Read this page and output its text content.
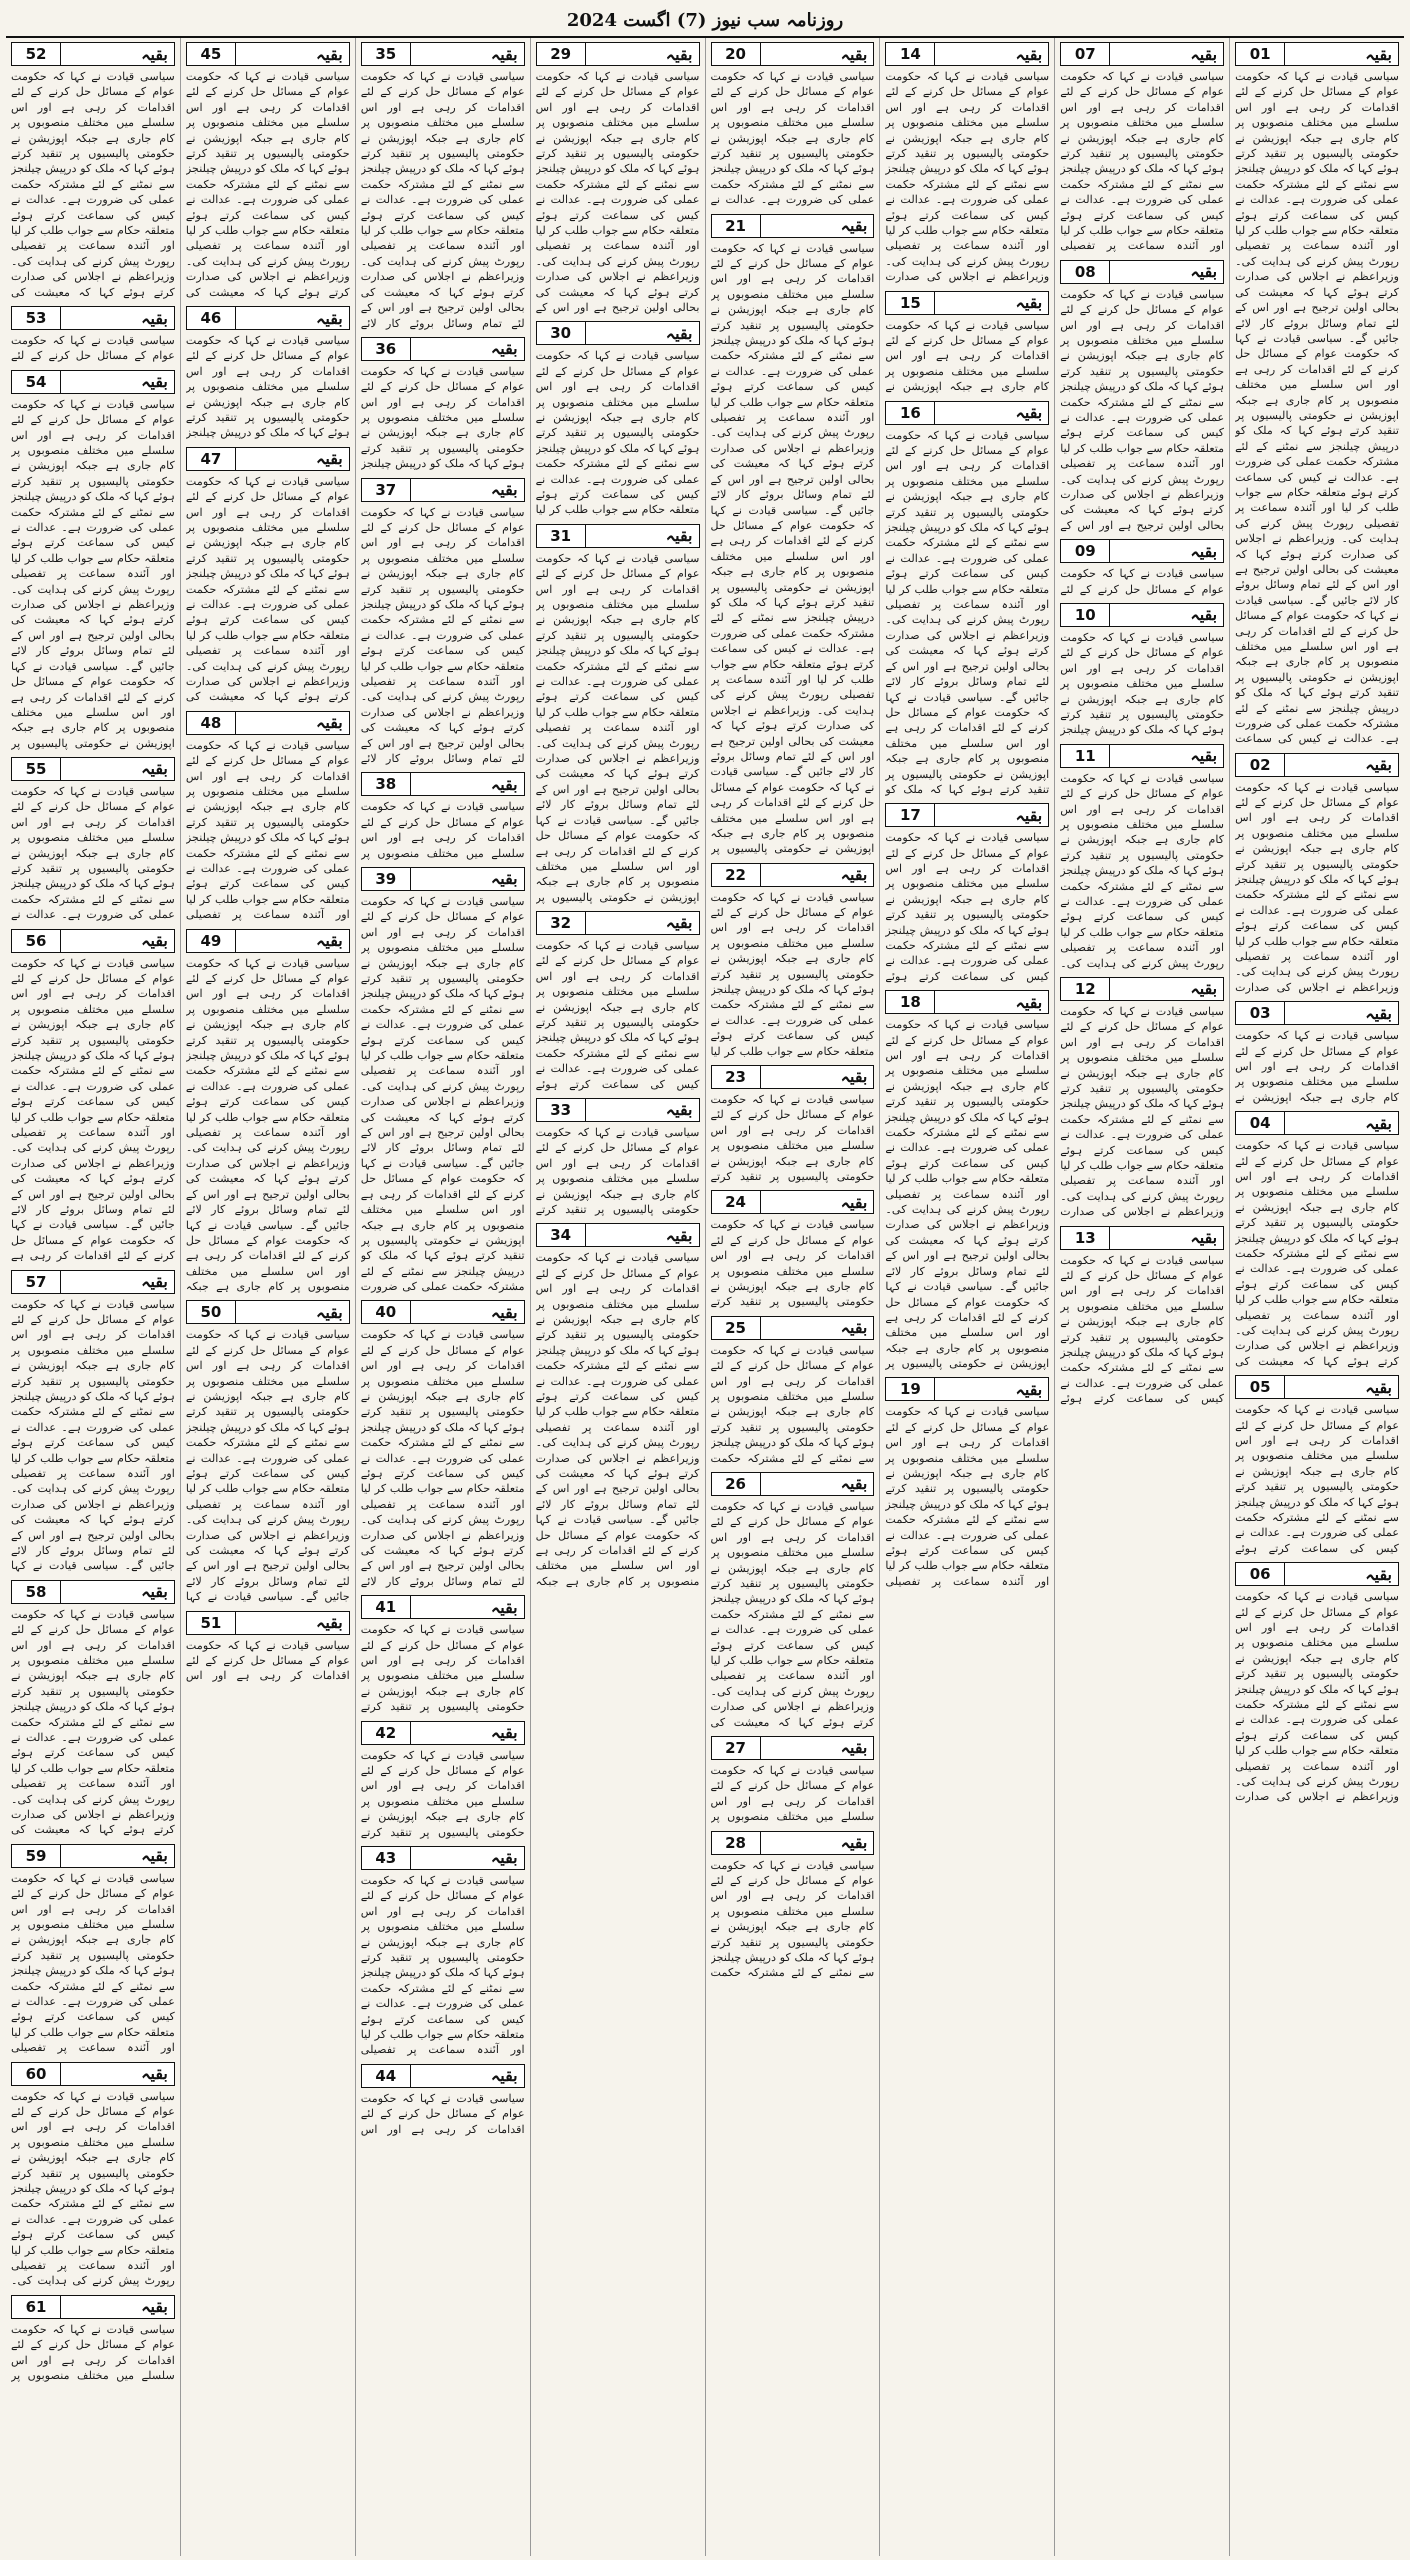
روزنامہ سب نیوز (7) اگست 2024
01	بقیہ
سیاسی قیادت نے کہا کہ حکومت عوام کے مسائل حل کرنے کے لئے اقدامات کر رہی ہے اور اس سلسلے میں مختلف منصوبوں پر کام جاری ہے جبکہ اپوزیشن نے حکومتی پالیسیوں پر تنقید کرتے ہوئے کہا کہ ملک کو درپیش چیلنجز سے نمٹنے کے لئے مشترکہ حکمت عملی کی ضرورت ہے۔ عدالت نے کیس کی سماعت کرتے ہوئے متعلقہ حکام سے جواب طلب کر لیا اور آئندہ سماعت پر تفصیلی رپورٹ پیش کرنے کی ہدایت کی۔ وزیراعظم نے اجلاس کی صدارت کرتے ہوئے کہا کہ معیشت کی بحالی اولین ترجیح ہے اور اس کے لئے تمام وسائل بروئے کار لائے جائیں گے۔ سیاسی قیادت نے کہا کہ حکومت عوام کے مسائل حل کرنے کے لئے اقدامات کر رہی ہے اور اس سلسلے میں مختلف منصوبوں پر کام جاری ہے جبکہ اپوزیشن نے حکومتی پالیسیوں پر تنقید کرتے ہوئے کہا کہ ملک کو درپیش چیلنجز سے نمٹنے کے لئے مشترکہ حکمت عملی کی ضرورت ہے۔ عدالت نے کیس کی سماعت کرتے ہوئے متعلقہ حکام سے جواب طلب کر لیا اور آئندہ سماعت پر تفصیلی رپورٹ پیش کرنے کی ہدایت کی۔ وزیراعظم نے اجلاس کی صدارت کرتے ہوئے کہا کہ معیشت کی بحالی اولین ترجیح ہے اور اس کے لئے تمام وسائل بروئے کار لائے جائیں گے۔ سیاسی قیادت نے کہا کہ حکومت عوام کے مسائل حل کرنے کے لئے اقدامات کر رہی ہے اور اس سلسلے میں مختلف منصوبوں پر کام جاری ہے جبکہ اپوزیشن نے حکومتی پالیسیوں پر تنقید کرتے ہوئے کہا کہ ملک کو درپیش چیلنجز سے نمٹنے کے لئے مشترکہ حکمت عملی کی ضرورت ہے۔ عدالت نے کیس کی سماعت
02	بقیہ
سیاسی قیادت نے کہا کہ حکومت عوام کے مسائل حل کرنے کے لئے اقدامات کر رہی ہے اور اس سلسلے میں مختلف منصوبوں پر کام جاری ہے جبکہ اپوزیشن نے حکومتی پالیسیوں پر تنقید کرتے ہوئے کہا کہ ملک کو درپیش چیلنجز سے نمٹنے کے لئے مشترکہ حکمت عملی کی ضرورت ہے۔ عدالت نے کیس کی سماعت کرتے ہوئے متعلقہ حکام سے جواب طلب کر لیا اور آئندہ سماعت پر تفصیلی رپورٹ پیش کرنے کی ہدایت کی۔ وزیراعظم نے اجلاس کی صدارت
03	بقیہ
سیاسی قیادت نے کہا کہ حکومت عوام کے مسائل حل کرنے کے لئے اقدامات کر رہی ہے اور اس سلسلے میں مختلف منصوبوں پر کام جاری ہے جبکہ اپوزیشن نے
04	بقیہ
سیاسی قیادت نے کہا کہ حکومت عوام کے مسائل حل کرنے کے لئے اقدامات کر رہی ہے اور اس سلسلے میں مختلف منصوبوں پر کام جاری ہے جبکہ اپوزیشن نے حکومتی پالیسیوں پر تنقید کرتے ہوئے کہا کہ ملک کو درپیش چیلنجز سے نمٹنے کے لئے مشترکہ حکمت عملی کی ضرورت ہے۔ عدالت نے کیس کی سماعت کرتے ہوئے متعلقہ حکام سے جواب طلب کر لیا اور آئندہ سماعت پر تفصیلی رپورٹ پیش کرنے کی ہدایت کی۔ وزیراعظم نے اجلاس کی صدارت کرتے ہوئے کہا کہ معیشت کی
05	بقیہ
سیاسی قیادت نے کہا کہ حکومت عوام کے مسائل حل کرنے کے لئے اقدامات کر رہی ہے اور اس سلسلے میں مختلف منصوبوں پر کام جاری ہے جبکہ اپوزیشن نے حکومتی پالیسیوں پر تنقید کرتے ہوئے کہا کہ ملک کو درپیش چیلنجز سے نمٹنے کے لئے مشترکہ حکمت عملی کی ضرورت ہے۔ عدالت نے کیس کی سماعت کرتے ہوئے
06	بقیہ
سیاسی قیادت نے کہا کہ حکومت عوام کے مسائل حل کرنے کے لئے اقدامات کر رہی ہے اور اس سلسلے میں مختلف منصوبوں پر کام جاری ہے جبکہ اپوزیشن نے حکومتی پالیسیوں پر تنقید کرتے ہوئے کہا کہ ملک کو درپیش چیلنجز سے نمٹنے کے لئے مشترکہ حکمت عملی کی ضرورت ہے۔ عدالت نے کیس کی سماعت کرتے ہوئے متعلقہ حکام سے جواب طلب کر لیا اور آئندہ سماعت پر تفصیلی رپورٹ پیش کرنے کی ہدایت کی۔ وزیراعظم نے اجلاس کی صدارت
07	بقیہ
سیاسی قیادت نے کہا کہ حکومت عوام کے مسائل حل کرنے کے لئے اقدامات کر رہی ہے اور اس سلسلے میں مختلف منصوبوں پر کام جاری ہے جبکہ اپوزیشن نے حکومتی پالیسیوں پر تنقید کرتے ہوئے کہا کہ ملک کو درپیش چیلنجز سے نمٹنے کے لئے مشترکہ حکمت عملی کی ضرورت ہے۔ عدالت نے کیس کی سماعت کرتے ہوئے متعلقہ حکام سے جواب طلب کر لیا اور آئندہ سماعت پر تفصیلی
08	بقیہ
سیاسی قیادت نے کہا کہ حکومت عوام کے مسائل حل کرنے کے لئے اقدامات کر رہی ہے اور اس سلسلے میں مختلف منصوبوں پر کام جاری ہے جبکہ اپوزیشن نے حکومتی پالیسیوں پر تنقید کرتے ہوئے کہا کہ ملک کو درپیش چیلنجز سے نمٹنے کے لئے مشترکہ حکمت عملی کی ضرورت ہے۔ عدالت نے کیس کی سماعت کرتے ہوئے متعلقہ حکام سے جواب طلب کر لیا اور آئندہ سماعت پر تفصیلی رپورٹ پیش کرنے کی ہدایت کی۔ وزیراعظم نے اجلاس کی صدارت کرتے ہوئے کہا کہ معیشت کی بحالی اولین ترجیح ہے اور اس کے
09	بقیہ
سیاسی قیادت نے کہا کہ حکومت عوام کے مسائل حل کرنے کے لئے
10	بقیہ
سیاسی قیادت نے کہا کہ حکومت عوام کے مسائل حل کرنے کے لئے اقدامات کر رہی ہے اور اس سلسلے میں مختلف منصوبوں پر کام جاری ہے جبکہ اپوزیشن نے حکومتی پالیسیوں پر تنقید کرتے ہوئے کہا کہ ملک کو درپیش چیلنجز
11	بقیہ
سیاسی قیادت نے کہا کہ حکومت عوام کے مسائل حل کرنے کے لئے اقدامات کر رہی ہے اور اس سلسلے میں مختلف منصوبوں پر کام جاری ہے جبکہ اپوزیشن نے حکومتی پالیسیوں پر تنقید کرتے ہوئے کہا کہ ملک کو درپیش چیلنجز سے نمٹنے کے لئے مشترکہ حکمت عملی کی ضرورت ہے۔ عدالت نے کیس کی سماعت کرتے ہوئے متعلقہ حکام سے جواب طلب کر لیا اور آئندہ سماعت پر تفصیلی رپورٹ پیش کرنے کی ہدایت کی۔
12	بقیہ
سیاسی قیادت نے کہا کہ حکومت عوام کے مسائل حل کرنے کے لئے اقدامات کر رہی ہے اور اس سلسلے میں مختلف منصوبوں پر کام جاری ہے جبکہ اپوزیشن نے حکومتی پالیسیوں پر تنقید کرتے ہوئے کہا کہ ملک کو درپیش چیلنجز سے نمٹنے کے لئے مشترکہ حکمت عملی کی ضرورت ہے۔ عدالت نے کیس کی سماعت کرتے ہوئے متعلقہ حکام سے جواب طلب کر لیا اور آئندہ سماعت پر تفصیلی رپورٹ پیش کرنے کی ہدایت کی۔ وزیراعظم نے اجلاس کی صدارت
13	بقیہ
سیاسی قیادت نے کہا کہ حکومت عوام کے مسائل حل کرنے کے لئے اقدامات کر رہی ہے اور اس سلسلے میں مختلف منصوبوں پر کام جاری ہے جبکہ اپوزیشن نے حکومتی پالیسیوں پر تنقید کرتے ہوئے کہا کہ ملک کو درپیش چیلنجز سے نمٹنے کے لئے مشترکہ حکمت عملی کی ضرورت ہے۔ عدالت نے کیس کی سماعت کرتے ہوئے
14	بقیہ
سیاسی قیادت نے کہا کہ حکومت عوام کے مسائل حل کرنے کے لئے اقدامات کر رہی ہے اور اس سلسلے میں مختلف منصوبوں پر کام جاری ہے جبکہ اپوزیشن نے حکومتی پالیسیوں پر تنقید کرتے ہوئے کہا کہ ملک کو درپیش چیلنجز سے نمٹنے کے لئے مشترکہ حکمت عملی کی ضرورت ہے۔ عدالت نے کیس کی سماعت کرتے ہوئے متعلقہ حکام سے جواب طلب کر لیا اور آئندہ سماعت پر تفصیلی رپورٹ پیش کرنے کی ہدایت کی۔ وزیراعظم نے اجلاس کی صدارت
15	بقیہ
سیاسی قیادت نے کہا کہ حکومت عوام کے مسائل حل کرنے کے لئے اقدامات کر رہی ہے اور اس سلسلے میں مختلف منصوبوں پر کام جاری ہے جبکہ اپوزیشن نے
16	بقیہ
سیاسی قیادت نے کہا کہ حکومت عوام کے مسائل حل کرنے کے لئے اقدامات کر رہی ہے اور اس سلسلے میں مختلف منصوبوں پر کام جاری ہے جبکہ اپوزیشن نے حکومتی پالیسیوں پر تنقید کرتے ہوئے کہا کہ ملک کو درپیش چیلنجز سے نمٹنے کے لئے مشترکہ حکمت عملی کی ضرورت ہے۔ عدالت نے کیس کی سماعت کرتے ہوئے متعلقہ حکام سے جواب طلب کر لیا اور آئندہ سماعت پر تفصیلی رپورٹ پیش کرنے کی ہدایت کی۔ وزیراعظم نے اجلاس کی صدارت کرتے ہوئے کہا کہ معیشت کی بحالی اولین ترجیح ہے اور اس کے لئے تمام وسائل بروئے کار لائے جائیں گے۔ سیاسی قیادت نے کہا کہ حکومت عوام کے مسائل حل کرنے کے لئے اقدامات کر رہی ہے اور اس سلسلے میں مختلف منصوبوں پر کام جاری ہے جبکہ اپوزیشن نے حکومتی پالیسیوں پر تنقید کرتے ہوئے کہا کہ ملک کو
17	بقیہ
سیاسی قیادت نے کہا کہ حکومت عوام کے مسائل حل کرنے کے لئے اقدامات کر رہی ہے اور اس سلسلے میں مختلف منصوبوں پر کام جاری ہے جبکہ اپوزیشن نے حکومتی پالیسیوں پر تنقید کرتے ہوئے کہا کہ ملک کو درپیش چیلنجز سے نمٹنے کے لئے مشترکہ حکمت عملی کی ضرورت ہے۔ عدالت نے کیس کی سماعت کرتے ہوئے
18	بقیہ
سیاسی قیادت نے کہا کہ حکومت عوام کے مسائل حل کرنے کے لئے اقدامات کر رہی ہے اور اس سلسلے میں مختلف منصوبوں پر کام جاری ہے جبکہ اپوزیشن نے حکومتی پالیسیوں پر تنقید کرتے ہوئے کہا کہ ملک کو درپیش چیلنجز سے نمٹنے کے لئے مشترکہ حکمت عملی کی ضرورت ہے۔ عدالت نے کیس کی سماعت کرتے ہوئے متعلقہ حکام سے جواب طلب کر لیا اور آئندہ سماعت پر تفصیلی رپورٹ پیش کرنے کی ہدایت کی۔ وزیراعظم نے اجلاس کی صدارت کرتے ہوئے کہا کہ معیشت کی بحالی اولین ترجیح ہے اور اس کے لئے تمام وسائل بروئے کار لائے جائیں گے۔ سیاسی قیادت نے کہا کہ حکومت عوام کے مسائل حل کرنے کے لئے اقدامات کر رہی ہے اور اس سلسلے میں مختلف منصوبوں پر کام جاری ہے جبکہ اپوزیشن نے حکومتی پالیسیوں پر
19	بقیہ
سیاسی قیادت نے کہا کہ حکومت عوام کے مسائل حل کرنے کے لئے اقدامات کر رہی ہے اور اس سلسلے میں مختلف منصوبوں پر کام جاری ہے جبکہ اپوزیشن نے حکومتی پالیسیوں پر تنقید کرتے ہوئے کہا کہ ملک کو درپیش چیلنجز سے نمٹنے کے لئے مشترکہ حکمت عملی کی ضرورت ہے۔ عدالت نے کیس کی سماعت کرتے ہوئے متعلقہ حکام سے جواب طلب کر لیا اور آئندہ سماعت پر تفصیلی
20	بقیہ
سیاسی قیادت نے کہا کہ حکومت عوام کے مسائل حل کرنے کے لئے اقدامات کر رہی ہے اور اس سلسلے میں مختلف منصوبوں پر کام جاری ہے جبکہ اپوزیشن نے حکومتی پالیسیوں پر تنقید کرتے ہوئے کہا کہ ملک کو درپیش چیلنجز سے نمٹنے کے لئے مشترکہ حکمت عملی کی ضرورت ہے۔ عدالت نے
21	بقیہ
سیاسی قیادت نے کہا کہ حکومت عوام کے مسائل حل کرنے کے لئے اقدامات کر رہی ہے اور اس سلسلے میں مختلف منصوبوں پر کام جاری ہے جبکہ اپوزیشن نے حکومتی پالیسیوں پر تنقید کرتے ہوئے کہا کہ ملک کو درپیش چیلنجز سے نمٹنے کے لئے مشترکہ حکمت عملی کی ضرورت ہے۔ عدالت نے کیس کی سماعت کرتے ہوئے متعلقہ حکام سے جواب طلب کر لیا اور آئندہ سماعت پر تفصیلی رپورٹ پیش کرنے کی ہدایت کی۔ وزیراعظم نے اجلاس کی صدارت کرتے ہوئے کہا کہ معیشت کی بحالی اولین ترجیح ہے اور اس کے لئے تمام وسائل بروئے کار لائے جائیں گے۔ سیاسی قیادت نے کہا کہ حکومت عوام کے مسائل حل کرنے کے لئے اقدامات کر رہی ہے اور اس سلسلے میں مختلف منصوبوں پر کام جاری ہے جبکہ اپوزیشن نے حکومتی پالیسیوں پر تنقید کرتے ہوئے کہا کہ ملک کو درپیش چیلنجز سے نمٹنے کے لئے مشترکہ حکمت عملی کی ضرورت ہے۔ عدالت نے کیس کی سماعت کرتے ہوئے متعلقہ حکام سے جواب طلب کر لیا اور آئندہ سماعت پر تفصیلی رپورٹ پیش کرنے کی ہدایت کی۔ وزیراعظم نے اجلاس کی صدارت کرتے ہوئے کہا کہ معیشت کی بحالی اولین ترجیح ہے اور اس کے لئے تمام وسائل بروئے کار لائے جائیں گے۔ سیاسی قیادت نے کہا کہ حکومت عوام کے مسائل حل کرنے کے لئے اقدامات کر رہی ہے اور اس سلسلے میں مختلف منصوبوں پر کام جاری ہے جبکہ اپوزیشن نے حکومتی پالیسیوں پر
22	بقیہ
سیاسی قیادت نے کہا کہ حکومت عوام کے مسائل حل کرنے کے لئے اقدامات کر رہی ہے اور اس سلسلے میں مختلف منصوبوں پر کام جاری ہے جبکہ اپوزیشن نے حکومتی پالیسیوں پر تنقید کرتے ہوئے کہا کہ ملک کو درپیش چیلنجز سے نمٹنے کے لئے مشترکہ حکمت عملی کی ضرورت ہے۔ عدالت نے کیس کی سماعت کرتے ہوئے متعلقہ حکام سے جواب طلب کر لیا
23	بقیہ
سیاسی قیادت نے کہا کہ حکومت عوام کے مسائل حل کرنے کے لئے اقدامات کر رہی ہے اور اس سلسلے میں مختلف منصوبوں پر کام جاری ہے جبکہ اپوزیشن نے حکومتی پالیسیوں پر تنقید کرتے
24	بقیہ
سیاسی قیادت نے کہا کہ حکومت عوام کے مسائل حل کرنے کے لئے اقدامات کر رہی ہے اور اس سلسلے میں مختلف منصوبوں پر کام جاری ہے جبکہ اپوزیشن نے حکومتی پالیسیوں پر تنقید کرتے
25	بقیہ
سیاسی قیادت نے کہا کہ حکومت عوام کے مسائل حل کرنے کے لئے اقدامات کر رہی ہے اور اس سلسلے میں مختلف منصوبوں پر کام جاری ہے جبکہ اپوزیشن نے حکومتی پالیسیوں پر تنقید کرتے ہوئے کہا کہ ملک کو درپیش چیلنجز سے نمٹنے کے لئے مشترکہ حکمت
26	بقیہ
سیاسی قیادت نے کہا کہ حکومت عوام کے مسائل حل کرنے کے لئے اقدامات کر رہی ہے اور اس سلسلے میں مختلف منصوبوں پر کام جاری ہے جبکہ اپوزیشن نے حکومتی پالیسیوں پر تنقید کرتے ہوئے کہا کہ ملک کو درپیش چیلنجز سے نمٹنے کے لئے مشترکہ حکمت عملی کی ضرورت ہے۔ عدالت نے کیس کی سماعت کرتے ہوئے متعلقہ حکام سے جواب طلب کر لیا اور آئندہ سماعت پر تفصیلی رپورٹ پیش کرنے کی ہدایت کی۔ وزیراعظم نے اجلاس کی صدارت کرتے ہوئے کہا کہ معیشت کی
27	بقیہ
سیاسی قیادت نے کہا کہ حکومت عوام کے مسائل حل کرنے کے لئے اقدامات کر رہی ہے اور اس سلسلے میں مختلف منصوبوں پر
28	بقیہ
سیاسی قیادت نے کہا کہ حکومت عوام کے مسائل حل کرنے کے لئے اقدامات کر رہی ہے اور اس سلسلے میں مختلف منصوبوں پر کام جاری ہے جبکہ اپوزیشن نے حکومتی پالیسیوں پر تنقید کرتے ہوئے کہا کہ ملک کو درپیش چیلنجز سے نمٹنے کے لئے مشترکہ حکمت
29	بقیہ
سیاسی قیادت نے کہا کہ حکومت عوام کے مسائل حل کرنے کے لئے اقدامات کر رہی ہے اور اس سلسلے میں مختلف منصوبوں پر کام جاری ہے جبکہ اپوزیشن نے حکومتی پالیسیوں پر تنقید کرتے ہوئے کہا کہ ملک کو درپیش چیلنجز سے نمٹنے کے لئے مشترکہ حکمت عملی کی ضرورت ہے۔ عدالت نے کیس کی سماعت کرتے ہوئے متعلقہ حکام سے جواب طلب کر لیا اور آئندہ سماعت پر تفصیلی رپورٹ پیش کرنے کی ہدایت کی۔ وزیراعظم نے اجلاس کی صدارت کرتے ہوئے کہا کہ معیشت کی بحالی اولین ترجیح ہے اور اس کے
30	بقیہ
سیاسی قیادت نے کہا کہ حکومت عوام کے مسائل حل کرنے کے لئے اقدامات کر رہی ہے اور اس سلسلے میں مختلف منصوبوں پر کام جاری ہے جبکہ اپوزیشن نے حکومتی پالیسیوں پر تنقید کرتے ہوئے کہا کہ ملک کو درپیش چیلنجز سے نمٹنے کے لئے مشترکہ حکمت عملی کی ضرورت ہے۔ عدالت نے کیس کی سماعت کرتے ہوئے متعلقہ حکام سے جواب طلب کر لیا
31	بقیہ
سیاسی قیادت نے کہا کہ حکومت عوام کے مسائل حل کرنے کے لئے اقدامات کر رہی ہے اور اس سلسلے میں مختلف منصوبوں پر کام جاری ہے جبکہ اپوزیشن نے حکومتی پالیسیوں پر تنقید کرتے ہوئے کہا کہ ملک کو درپیش چیلنجز سے نمٹنے کے لئے مشترکہ حکمت عملی کی ضرورت ہے۔ عدالت نے کیس کی سماعت کرتے ہوئے متعلقہ حکام سے جواب طلب کر لیا اور آئندہ سماعت پر تفصیلی رپورٹ پیش کرنے کی ہدایت کی۔ وزیراعظم نے اجلاس کی صدارت کرتے ہوئے کہا کہ معیشت کی بحالی اولین ترجیح ہے اور اس کے لئے تمام وسائل بروئے کار لائے جائیں گے۔ سیاسی قیادت نے کہا کہ حکومت عوام کے مسائل حل کرنے کے لئے اقدامات کر رہی ہے اور اس سلسلے میں مختلف منصوبوں پر کام جاری ہے جبکہ اپوزیشن نے حکومتی پالیسیوں پر
32	بقیہ
سیاسی قیادت نے کہا کہ حکومت عوام کے مسائل حل کرنے کے لئے اقدامات کر رہی ہے اور اس سلسلے میں مختلف منصوبوں پر کام جاری ہے جبکہ اپوزیشن نے حکومتی پالیسیوں پر تنقید کرتے ہوئے کہا کہ ملک کو درپیش چیلنجز سے نمٹنے کے لئے مشترکہ حکمت عملی کی ضرورت ہے۔ عدالت نے کیس کی سماعت کرتے ہوئے
33	بقیہ
سیاسی قیادت نے کہا کہ حکومت عوام کے مسائل حل کرنے کے لئے اقدامات کر رہی ہے اور اس سلسلے میں مختلف منصوبوں پر کام جاری ہے جبکہ اپوزیشن نے حکومتی پالیسیوں پر تنقید کرتے
34	بقیہ
سیاسی قیادت نے کہا کہ حکومت عوام کے مسائل حل کرنے کے لئے اقدامات کر رہی ہے اور اس سلسلے میں مختلف منصوبوں پر کام جاری ہے جبکہ اپوزیشن نے حکومتی پالیسیوں پر تنقید کرتے ہوئے کہا کہ ملک کو درپیش چیلنجز سے نمٹنے کے لئے مشترکہ حکمت عملی کی ضرورت ہے۔ عدالت نے کیس کی سماعت کرتے ہوئے متعلقہ حکام سے جواب طلب کر لیا اور آئندہ سماعت پر تفصیلی رپورٹ پیش کرنے کی ہدایت کی۔ وزیراعظم نے اجلاس کی صدارت کرتے ہوئے کہا کہ معیشت کی بحالی اولین ترجیح ہے اور اس کے لئے تمام وسائل بروئے کار لائے جائیں گے۔ سیاسی قیادت نے کہا کہ حکومت عوام کے مسائل حل کرنے کے لئے اقدامات کر رہی ہے اور اس سلسلے میں مختلف منصوبوں پر کام جاری ہے جبکہ
35	بقیہ
سیاسی قیادت نے کہا کہ حکومت عوام کے مسائل حل کرنے کے لئے اقدامات کر رہی ہے اور اس سلسلے میں مختلف منصوبوں پر کام جاری ہے جبکہ اپوزیشن نے حکومتی پالیسیوں پر تنقید کرتے ہوئے کہا کہ ملک کو درپیش چیلنجز سے نمٹنے کے لئے مشترکہ حکمت عملی کی ضرورت ہے۔ عدالت نے کیس کی سماعت کرتے ہوئے متعلقہ حکام سے جواب طلب کر لیا اور آئندہ سماعت پر تفصیلی رپورٹ پیش کرنے کی ہدایت کی۔ وزیراعظم نے اجلاس کی صدارت کرتے ہوئے کہا کہ معیشت کی بحالی اولین ترجیح ہے اور اس کے لئے تمام وسائل بروئے کار لائے
36	بقیہ
سیاسی قیادت نے کہا کہ حکومت عوام کے مسائل حل کرنے کے لئے اقدامات کر رہی ہے اور اس سلسلے میں مختلف منصوبوں پر کام جاری ہے جبکہ اپوزیشن نے حکومتی پالیسیوں پر تنقید کرتے ہوئے کہا کہ ملک کو درپیش چیلنجز
37	بقیہ
سیاسی قیادت نے کہا کہ حکومت عوام کے مسائل حل کرنے کے لئے اقدامات کر رہی ہے اور اس سلسلے میں مختلف منصوبوں پر کام جاری ہے جبکہ اپوزیشن نے حکومتی پالیسیوں پر تنقید کرتے ہوئے کہا کہ ملک کو درپیش چیلنجز سے نمٹنے کے لئے مشترکہ حکمت عملی کی ضرورت ہے۔ عدالت نے کیس کی سماعت کرتے ہوئے متعلقہ حکام سے جواب طلب کر لیا اور آئندہ سماعت پر تفصیلی رپورٹ پیش کرنے کی ہدایت کی۔ وزیراعظم نے اجلاس کی صدارت کرتے ہوئے کہا کہ معیشت کی بحالی اولین ترجیح ہے اور اس کے لئے تمام وسائل بروئے کار لائے
38	بقیہ
سیاسی قیادت نے کہا کہ حکومت عوام کے مسائل حل کرنے کے لئے اقدامات کر رہی ہے اور اس سلسلے میں مختلف منصوبوں پر
39	بقیہ
سیاسی قیادت نے کہا کہ حکومت عوام کے مسائل حل کرنے کے لئے اقدامات کر رہی ہے اور اس سلسلے میں مختلف منصوبوں پر کام جاری ہے جبکہ اپوزیشن نے حکومتی پالیسیوں پر تنقید کرتے ہوئے کہا کہ ملک کو درپیش چیلنجز سے نمٹنے کے لئے مشترکہ حکمت عملی کی ضرورت ہے۔ عدالت نے کیس کی سماعت کرتے ہوئے متعلقہ حکام سے جواب طلب کر لیا اور آئندہ سماعت پر تفصیلی رپورٹ پیش کرنے کی ہدایت کی۔ وزیراعظم نے اجلاس کی صدارت کرتے ہوئے کہا کہ معیشت کی بحالی اولین ترجیح ہے اور اس کے لئے تمام وسائل بروئے کار لائے جائیں گے۔ سیاسی قیادت نے کہا کہ حکومت عوام کے مسائل حل کرنے کے لئے اقدامات کر رہی ہے اور اس سلسلے میں مختلف منصوبوں پر کام جاری ہے جبکہ اپوزیشن نے حکومتی پالیسیوں پر تنقید کرتے ہوئے کہا کہ ملک کو درپیش چیلنجز سے نمٹنے کے لئے مشترکہ حکمت عملی کی ضرورت
40	بقیہ
سیاسی قیادت نے کہا کہ حکومت عوام کے مسائل حل کرنے کے لئے اقدامات کر رہی ہے اور اس سلسلے میں مختلف منصوبوں پر کام جاری ہے جبکہ اپوزیشن نے حکومتی پالیسیوں پر تنقید کرتے ہوئے کہا کہ ملک کو درپیش چیلنجز سے نمٹنے کے لئے مشترکہ حکمت عملی کی ضرورت ہے۔ عدالت نے کیس کی سماعت کرتے ہوئے متعلقہ حکام سے جواب طلب کر لیا اور آئندہ سماعت پر تفصیلی رپورٹ پیش کرنے کی ہدایت کی۔ وزیراعظم نے اجلاس کی صدارت کرتے ہوئے کہا کہ معیشت کی بحالی اولین ترجیح ہے اور اس کے لئے تمام وسائل بروئے کار لائے
41	بقیہ
سیاسی قیادت نے کہا کہ حکومت عوام کے مسائل حل کرنے کے لئے اقدامات کر رہی ہے اور اس سلسلے میں مختلف منصوبوں پر کام جاری ہے جبکہ اپوزیشن نے حکومتی پالیسیوں پر تنقید کرتے
42	بقیہ
سیاسی قیادت نے کہا کہ حکومت عوام کے مسائل حل کرنے کے لئے اقدامات کر رہی ہے اور اس سلسلے میں مختلف منصوبوں پر کام جاری ہے جبکہ اپوزیشن نے حکومتی پالیسیوں پر تنقید کرتے
43	بقیہ
سیاسی قیادت نے کہا کہ حکومت عوام کے مسائل حل کرنے کے لئے اقدامات کر رہی ہے اور اس سلسلے میں مختلف منصوبوں پر کام جاری ہے جبکہ اپوزیشن نے حکومتی پالیسیوں پر تنقید کرتے ہوئے کہا کہ ملک کو درپیش چیلنجز سے نمٹنے کے لئے مشترکہ حکمت عملی کی ضرورت ہے۔ عدالت نے کیس کی سماعت کرتے ہوئے متعلقہ حکام سے جواب طلب کر لیا اور آئندہ سماعت پر تفصیلی
44	بقیہ
سیاسی قیادت نے کہا کہ حکومت عوام کے مسائل حل کرنے کے لئے اقدامات کر رہی ہے اور اس
45	بقیہ
سیاسی قیادت نے کہا کہ حکومت عوام کے مسائل حل کرنے کے لئے اقدامات کر رہی ہے اور اس سلسلے میں مختلف منصوبوں پر کام جاری ہے جبکہ اپوزیشن نے حکومتی پالیسیوں پر تنقید کرتے ہوئے کہا کہ ملک کو درپیش چیلنجز سے نمٹنے کے لئے مشترکہ حکمت عملی کی ضرورت ہے۔ عدالت نے کیس کی سماعت کرتے ہوئے متعلقہ حکام سے جواب طلب کر لیا اور آئندہ سماعت پر تفصیلی رپورٹ پیش کرنے کی ہدایت کی۔ وزیراعظم نے اجلاس کی صدارت کرتے ہوئے کہا کہ معیشت کی
46	بقیہ
سیاسی قیادت نے کہا کہ حکومت عوام کے مسائل حل کرنے کے لئے اقدامات کر رہی ہے اور اس سلسلے میں مختلف منصوبوں پر کام جاری ہے جبکہ اپوزیشن نے حکومتی پالیسیوں پر تنقید کرتے ہوئے کہا کہ ملک کو درپیش چیلنجز
47	بقیہ
سیاسی قیادت نے کہا کہ حکومت عوام کے مسائل حل کرنے کے لئے اقدامات کر رہی ہے اور اس سلسلے میں مختلف منصوبوں پر کام جاری ہے جبکہ اپوزیشن نے حکومتی پالیسیوں پر تنقید کرتے ہوئے کہا کہ ملک کو درپیش چیلنجز سے نمٹنے کے لئے مشترکہ حکمت عملی کی ضرورت ہے۔ عدالت نے کیس کی سماعت کرتے ہوئے متعلقہ حکام سے جواب طلب کر لیا اور آئندہ سماعت پر تفصیلی رپورٹ پیش کرنے کی ہدایت کی۔ وزیراعظم نے اجلاس کی صدارت کرتے ہوئے کہا کہ معیشت کی
48	بقیہ
سیاسی قیادت نے کہا کہ حکومت عوام کے مسائل حل کرنے کے لئے اقدامات کر رہی ہے اور اس سلسلے میں مختلف منصوبوں پر کام جاری ہے جبکہ اپوزیشن نے حکومتی پالیسیوں پر تنقید کرتے ہوئے کہا کہ ملک کو درپیش چیلنجز سے نمٹنے کے لئے مشترکہ حکمت عملی کی ضرورت ہے۔ عدالت نے کیس کی سماعت کرتے ہوئے متعلقہ حکام سے جواب طلب کر لیا اور آئندہ سماعت پر تفصیلی
49	بقیہ
سیاسی قیادت نے کہا کہ حکومت عوام کے مسائل حل کرنے کے لئے اقدامات کر رہی ہے اور اس سلسلے میں مختلف منصوبوں پر کام جاری ہے جبکہ اپوزیشن نے حکومتی پالیسیوں پر تنقید کرتے ہوئے کہا کہ ملک کو درپیش چیلنجز سے نمٹنے کے لئے مشترکہ حکمت عملی کی ضرورت ہے۔ عدالت نے کیس کی سماعت کرتے ہوئے متعلقہ حکام سے جواب طلب کر لیا اور آئندہ سماعت پر تفصیلی رپورٹ پیش کرنے کی ہدایت کی۔ وزیراعظم نے اجلاس کی صدارت کرتے ہوئے کہا کہ معیشت کی بحالی اولین ترجیح ہے اور اس کے لئے تمام وسائل بروئے کار لائے جائیں گے۔ سیاسی قیادت نے کہا کہ حکومت عوام کے مسائل حل کرنے کے لئے اقدامات کر رہی ہے اور اس سلسلے میں مختلف منصوبوں پر کام جاری ہے جبکہ
50	بقیہ
سیاسی قیادت نے کہا کہ حکومت عوام کے مسائل حل کرنے کے لئے اقدامات کر رہی ہے اور اس سلسلے میں مختلف منصوبوں پر کام جاری ہے جبکہ اپوزیشن نے حکومتی پالیسیوں پر تنقید کرتے ہوئے کہا کہ ملک کو درپیش چیلنجز سے نمٹنے کے لئے مشترکہ حکمت عملی کی ضرورت ہے۔ عدالت نے کیس کی سماعت کرتے ہوئے متعلقہ حکام سے جواب طلب کر لیا اور آئندہ سماعت پر تفصیلی رپورٹ پیش کرنے کی ہدایت کی۔ وزیراعظم نے اجلاس کی صدارت کرتے ہوئے کہا کہ معیشت کی بحالی اولین ترجیح ہے اور اس کے لئے تمام وسائل بروئے کار لائے جائیں گے۔ سیاسی قیادت نے کہا
51	بقیہ
سیاسی قیادت نے کہا کہ حکومت عوام کے مسائل حل کرنے کے لئے اقدامات کر رہی ہے اور اس
52	بقیہ
سیاسی قیادت نے کہا کہ حکومت عوام کے مسائل حل کرنے کے لئے اقدامات کر رہی ہے اور اس سلسلے میں مختلف منصوبوں پر کام جاری ہے جبکہ اپوزیشن نے حکومتی پالیسیوں پر تنقید کرتے ہوئے کہا کہ ملک کو درپیش چیلنجز سے نمٹنے کے لئے مشترکہ حکمت عملی کی ضرورت ہے۔ عدالت نے کیس کی سماعت کرتے ہوئے متعلقہ حکام سے جواب طلب کر لیا اور آئندہ سماعت پر تفصیلی رپورٹ پیش کرنے کی ہدایت کی۔ وزیراعظم نے اجلاس کی صدارت کرتے ہوئے کہا کہ معیشت کی
53	بقیہ
سیاسی قیادت نے کہا کہ حکومت عوام کے مسائل حل کرنے کے لئے
54	بقیہ
سیاسی قیادت نے کہا کہ حکومت عوام کے مسائل حل کرنے کے لئے اقدامات کر رہی ہے اور اس سلسلے میں مختلف منصوبوں پر کام جاری ہے جبکہ اپوزیشن نے حکومتی پالیسیوں پر تنقید کرتے ہوئے کہا کہ ملک کو درپیش چیلنجز سے نمٹنے کے لئے مشترکہ حکمت عملی کی ضرورت ہے۔ عدالت نے کیس کی سماعت کرتے ہوئے متعلقہ حکام سے جواب طلب کر لیا اور آئندہ سماعت پر تفصیلی رپورٹ پیش کرنے کی ہدایت کی۔ وزیراعظم نے اجلاس کی صدارت کرتے ہوئے کہا کہ معیشت کی بحالی اولین ترجیح ہے اور اس کے لئے تمام وسائل بروئے کار لائے جائیں گے۔ سیاسی قیادت نے کہا کہ حکومت عوام کے مسائل حل کرنے کے لئے اقدامات کر رہی ہے اور اس سلسلے میں مختلف منصوبوں پر کام جاری ہے جبکہ اپوزیشن نے حکومتی پالیسیوں پر
55	بقیہ
سیاسی قیادت نے کہا کہ حکومت عوام کے مسائل حل کرنے کے لئے اقدامات کر رہی ہے اور اس سلسلے میں مختلف منصوبوں پر کام جاری ہے جبکہ اپوزیشن نے حکومتی پالیسیوں پر تنقید کرتے ہوئے کہا کہ ملک کو درپیش چیلنجز سے نمٹنے کے لئے مشترکہ حکمت عملی کی ضرورت ہے۔ عدالت نے
56	بقیہ
سیاسی قیادت نے کہا کہ حکومت عوام کے مسائل حل کرنے کے لئے اقدامات کر رہی ہے اور اس سلسلے میں مختلف منصوبوں پر کام جاری ہے جبکہ اپوزیشن نے حکومتی پالیسیوں پر تنقید کرتے ہوئے کہا کہ ملک کو درپیش چیلنجز سے نمٹنے کے لئے مشترکہ حکمت عملی کی ضرورت ہے۔ عدالت نے کیس کی سماعت کرتے ہوئے متعلقہ حکام سے جواب طلب کر لیا اور آئندہ سماعت پر تفصیلی رپورٹ پیش کرنے کی ہدایت کی۔ وزیراعظم نے اجلاس کی صدارت کرتے ہوئے کہا کہ معیشت کی بحالی اولین ترجیح ہے اور اس کے لئے تمام وسائل بروئے کار لائے جائیں گے۔ سیاسی قیادت نے کہا کہ حکومت عوام کے مسائل حل کرنے کے لئے اقدامات کر رہی ہے
57	بقیہ
سیاسی قیادت نے کہا کہ حکومت عوام کے مسائل حل کرنے کے لئے اقدامات کر رہی ہے اور اس سلسلے میں مختلف منصوبوں پر کام جاری ہے جبکہ اپوزیشن نے حکومتی پالیسیوں پر تنقید کرتے ہوئے کہا کہ ملک کو درپیش چیلنجز سے نمٹنے کے لئے مشترکہ حکمت عملی کی ضرورت ہے۔ عدالت نے کیس کی سماعت کرتے ہوئے متعلقہ حکام سے جواب طلب کر لیا اور آئندہ سماعت پر تفصیلی رپورٹ پیش کرنے کی ہدایت کی۔ وزیراعظم نے اجلاس کی صدارت کرتے ہوئے کہا کہ معیشت کی بحالی اولین ترجیح ہے اور اس کے لئے تمام وسائل بروئے کار لائے جائیں گے۔ سیاسی قیادت نے کہا
58	بقیہ
سیاسی قیادت نے کہا کہ حکومت عوام کے مسائل حل کرنے کے لئے اقدامات کر رہی ہے اور اس سلسلے میں مختلف منصوبوں پر کام جاری ہے جبکہ اپوزیشن نے حکومتی پالیسیوں پر تنقید کرتے ہوئے کہا کہ ملک کو درپیش چیلنجز سے نمٹنے کے لئے مشترکہ حکمت عملی کی ضرورت ہے۔ عدالت نے کیس کی سماعت کرتے ہوئے متعلقہ حکام سے جواب طلب کر لیا اور آئندہ سماعت پر تفصیلی رپورٹ پیش کرنے کی ہدایت کی۔ وزیراعظم نے اجلاس کی صدارت کرتے ہوئے کہا کہ معیشت کی
59	بقیہ
سیاسی قیادت نے کہا کہ حکومت عوام کے مسائل حل کرنے کے لئے اقدامات کر رہی ہے اور اس سلسلے میں مختلف منصوبوں پر کام جاری ہے جبکہ اپوزیشن نے حکومتی پالیسیوں پر تنقید کرتے ہوئے کہا کہ ملک کو درپیش چیلنجز سے نمٹنے کے لئے مشترکہ حکمت عملی کی ضرورت ہے۔ عدالت نے کیس کی سماعت کرتے ہوئے متعلقہ حکام سے جواب طلب کر لیا اور آئندہ سماعت پر تفصیلی
60	بقیہ
سیاسی قیادت نے کہا کہ حکومت عوام کے مسائل حل کرنے کے لئے اقدامات کر رہی ہے اور اس سلسلے میں مختلف منصوبوں پر کام جاری ہے جبکہ اپوزیشن نے حکومتی پالیسیوں پر تنقید کرتے ہوئے کہا کہ ملک کو درپیش چیلنجز سے نمٹنے کے لئے مشترکہ حکمت عملی کی ضرورت ہے۔ عدالت نے کیس کی سماعت کرتے ہوئے متعلقہ حکام سے جواب طلب کر لیا اور آئندہ سماعت پر تفصیلی رپورٹ پیش کرنے کی ہدایت کی۔
61	بقیہ
سیاسی قیادت نے کہا کہ حکومت عوام کے مسائل حل کرنے کے لئے اقدامات کر رہی ہے اور اس سلسلے میں مختلف منصوبوں پر
